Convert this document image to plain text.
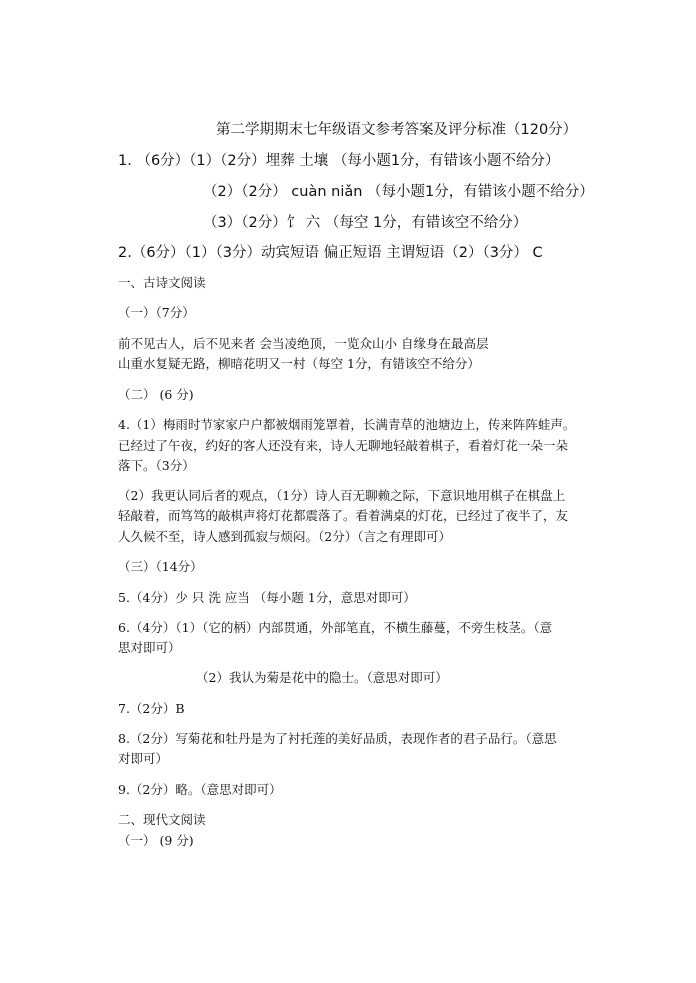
第二学期期末七年级语文参考答案及评分标准（120分）

1. （6分）（1）（2分）埋葬 土壤 （每小题1分，有错该小题不给分）

（2）（2分） cuàn niǎn （每小题1分，有错该小题不给分）

（3）（2分）饣 六 （每空 1分，有错该空不给分）

2.（6分）（1）（3分）动宾短语 偏正短语 主谓短语（2）（3分） C

一、古诗文阅读

（一）（7分）

前不见古人，后不见来者 会当凌绝顶，一览众山小 自缘身在最高层

山重水复疑无路，柳暗花明又一村（每空 1分，有错该空不给分）

（二） (6 分)

4.（1）梅雨时节家家户户都被烟雨笼罩着，长满青草的池塘边上，传来阵阵蛙声。

已经过了午夜，约好的客人还没有来，诗人无聊地轻敲着棋子，看着灯花一朵一朵

落下。（3分）

（2）我更认同后者的观点，（1分）诗人百无聊赖之际，下意识地用棋子在棋盘上

轻敲着，而笃笃的敲棋声将灯花都震落了。看着满桌的灯花，已经过了夜半了，友

人久候不至，诗人感到孤寂与烦闷。（2分）（言之有理即可）

（三）（14分）

5.（4分）少 只 洗 应当 （每小题 1分，意思对即可）

6.（4分）（1）（它的柄）内部贯通，外部笔直，不横生藤蔓，不旁生枝茎。（意

思对即可）

（2）我认为菊是花中的隐士。（意思对即可）

7.（2分）B

8.（2分）写菊花和牡丹是为了衬托莲的美好品质，表现作者的君子品行。（意思

对即可）

9.（2分）略。（意思对即可）

二、现代文阅读

（一） (9 分)
